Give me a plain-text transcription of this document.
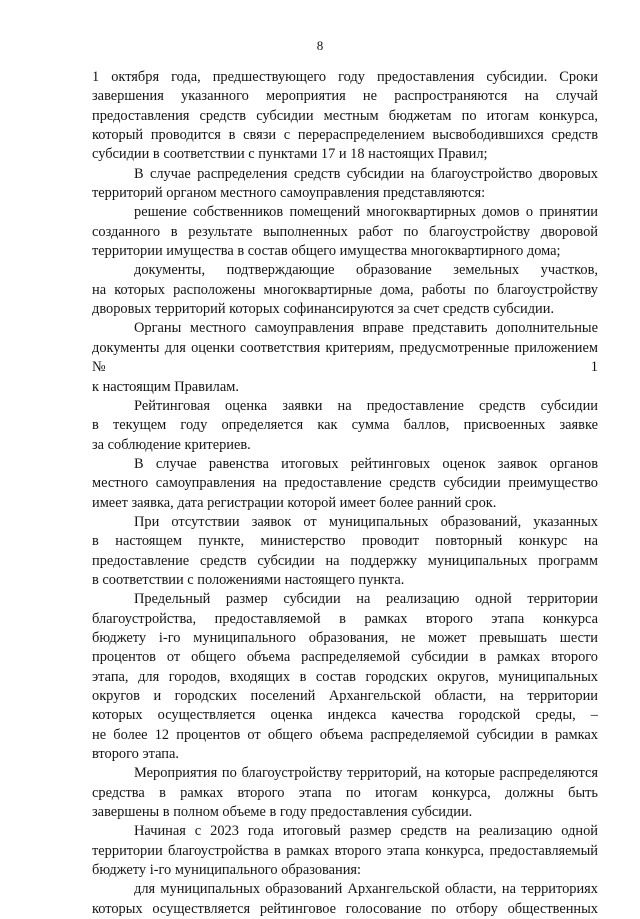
8

1 октября года, предшествующего году предоставления субсидии. Сроки
завершения указанного мероприятия не распространяются на случай
предоставления средств субсидии местным бюджетам по итогам конкурса,
который проводится в связи с перераспределением высвободившихся средств
субсидии в соответствии с пунктами 17 и 18 настоящих Правил;

В случае распределения средств субсидии на благоустройство дворовых
территорий органом местного самоуправления представляются:

решение собственников помещений многоквартирных домов о принятии
созданного в результате выполненных работ по благоустройству дворовой
территории имущества в состав общего имущества многоквартирного дома;

документы, подтверждающие образование земельных участков,
на которых расположены многоквартирные дома, работы по благоустройству
дворовых территорий которых софинансируются за счет средств субсидии.

Органы местного самоуправления вправе представить дополнительные
документы для оценки соответствия критериям, предусмотренные приложением № 1
к настоящим Правилам.

Рейтинговая оценка заявки на предоставление средств субсидии
в текущем году определяется как сумма баллов, присвоенных заявке
за соблюдение критериев.

В случае равенства итоговых рейтинговых оценок заявок органов
местного самоуправления на предоставление средств субсидии преимущество
имеет заявка, дата регистрации которой имеет более ранний срок.

При отсутствии заявок от муниципальных образований, указанных
в настоящем пункте, министерство проводит повторный конкурс на
предоставление средств субсидии на поддержку муниципальных программ
в соответствии с положениями настоящего пункта.

Предельный размер субсидии на реализацию одной территории
благоустройства, предоставляемой в рамках второго этапа конкурса
бюджету i-го муниципального образования, не может превышать шести
процентов от общего объема распределяемой субсидии в рамках второго
этапа, для городов, входящих в состав городских округов, муниципальных
округов и городских поселений Архангельской области, на территории
которых осуществляется оценка индекса качества городской среды, –
не более 12 процентов от общего объема распределяемой субсидии в рамках
второго этапа.

Мероприятия по благоустройству территорий, на которые распределяются
средства в рамках второго этапа по итогам конкурса, должны быть
завершены в полном объеме в году предоставления субсидии.

Начиная с 2023 года итоговый размер средств на реализацию одной
территории благоустройства в рамках второго этапа конкурса, предоставляемый
бюджету i-го муниципального образования:

для муниципальных образований Архангельской области, на территориях
которых осуществляется рейтинговое голосование по отбору общественных
